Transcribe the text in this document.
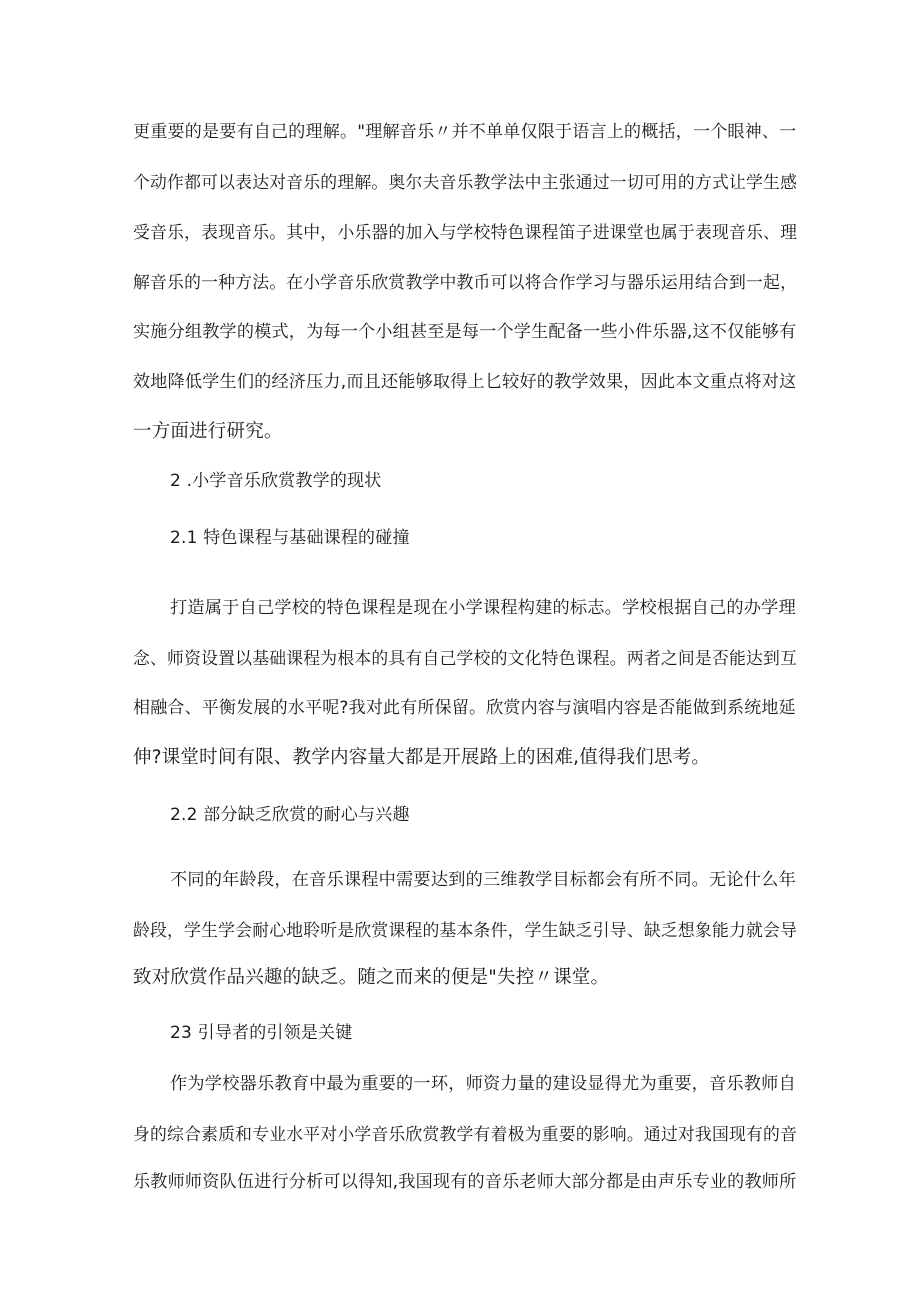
更重要的是要有自己的理解。"理解音乐〃并不单单仅限于语言上的概括，一个眼神、一
个动作都可以表达对音乐的理解。奥尔夫音乐教学法中主张通过一切可用的方式让学生感
受音乐，表现音乐。其中，小乐器的加入与学校特色课程笛子进课堂也属于表现音乐、理
解音乐的一种方法。在小学音乐欣赏教学中教币可以将合作学习与器乐运用结合到一起，
实施分组教学的模式，为每一个小组甚至是每一个学生配备一些小件乐器,这不仅能够有
效地降低学生们的经济压力,而且还能够取得上匕较好的教学效果，因此本文重点将对这
一方面进行研究。
2 .小学音乐欣赏教学的现状
2.1 特色课程与基础课程的碰撞
打造属于自己学校的特色课程是现在小学课程构建的标志。学校根据自己的办学理
念、师资设置以基础课程为根本的具有自己学校的文化特色课程。两者之间是否能达到互
相融合、平衡发展的水平呢?我对此有所保留。欣赏内容与演唱内容是否能做到系统地延
伸?课堂时间有限、教学内容量大都是开展路上的困难,值得我们思考。
2.2 部分缺乏欣赏的耐心与兴趣
不同的年龄段，在音乐课程中需要达到的三维教学目标都会有所不同。无论什么年
龄段，学生学会耐心地聆听是欣赏课程的基本条件，学生缺乏引导、缺乏想象能力就会导
致对欣赏作品兴趣的缺乏。随之而来的便是"失控〃课堂。
23 引导者的引领是关键
作为学校器乐教育中最为重要的一环，师资力量的建设显得尤为重要，音乐教师自
身的综合素质和专业水平对小学音乐欣赏教学有着极为重要的影响。通过对我国现有的音
乐教师师资队伍进行分析可以得知,我国现有的音乐老师大部分都是由声乐专业的教师所
